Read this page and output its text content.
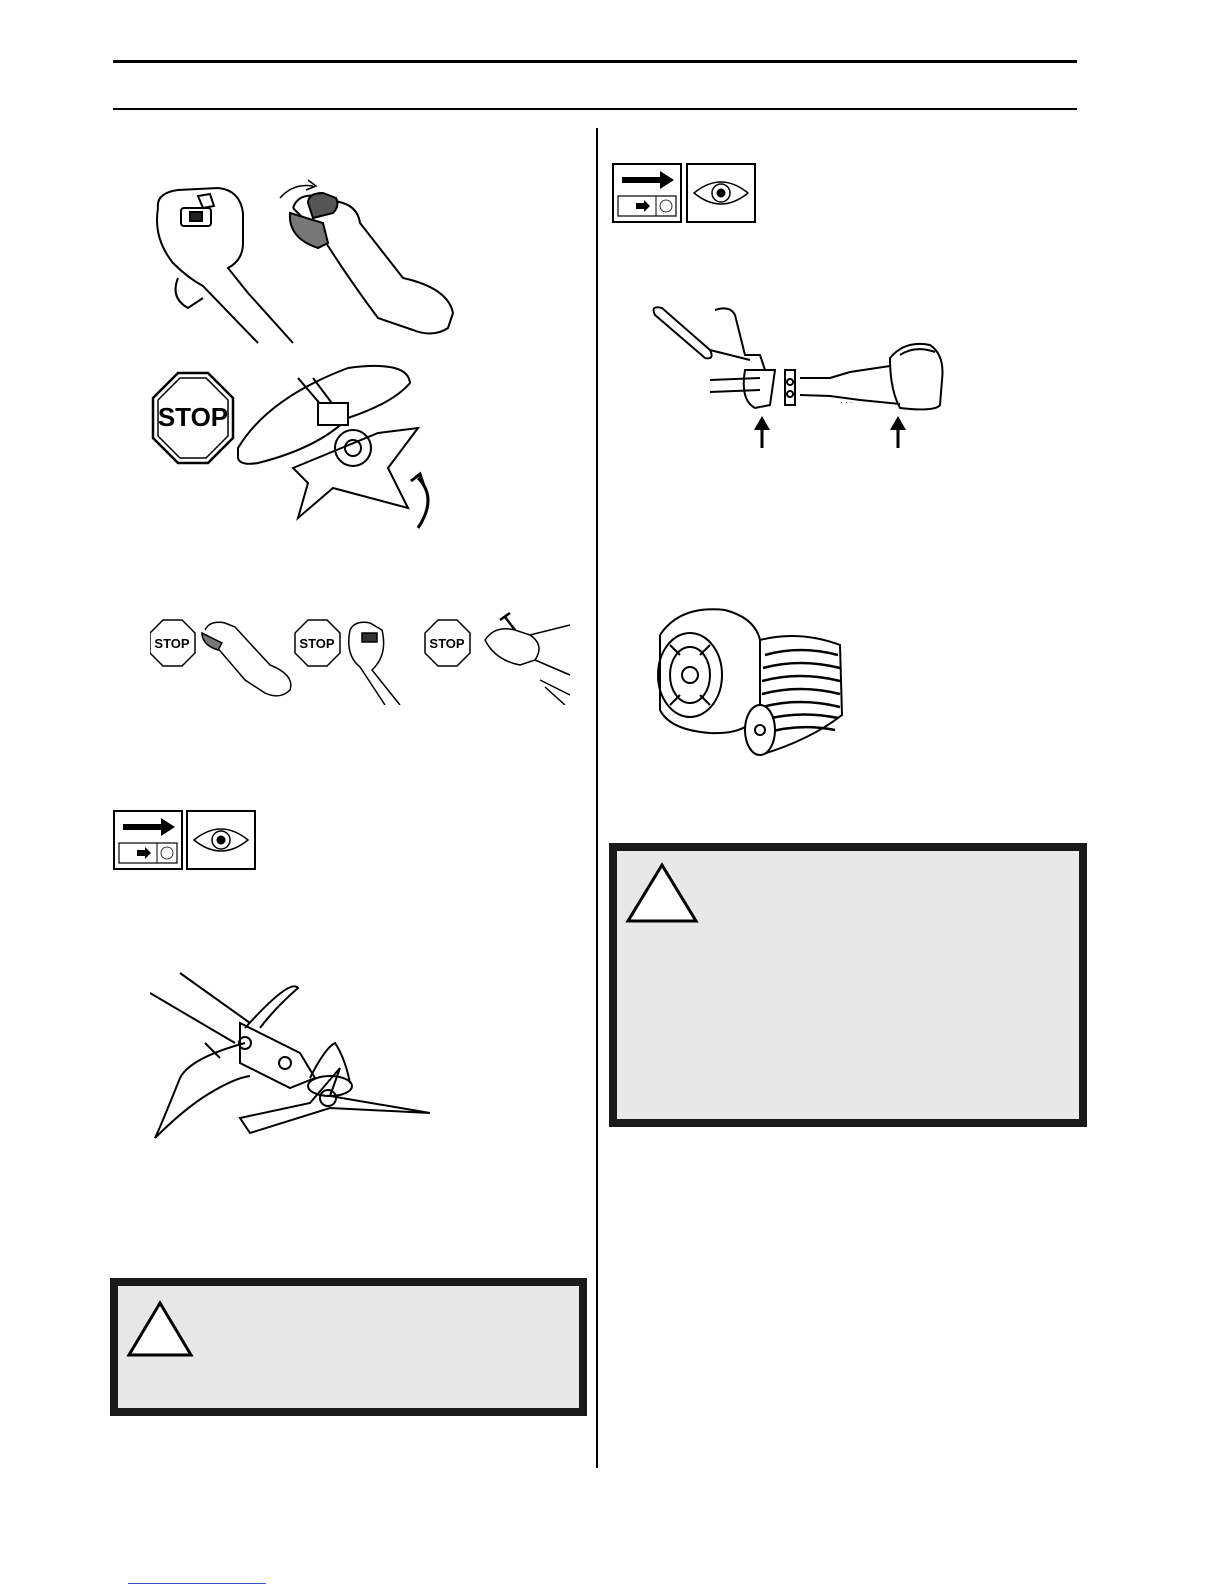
STOP
STOP	STOP	STOP
· · ·
